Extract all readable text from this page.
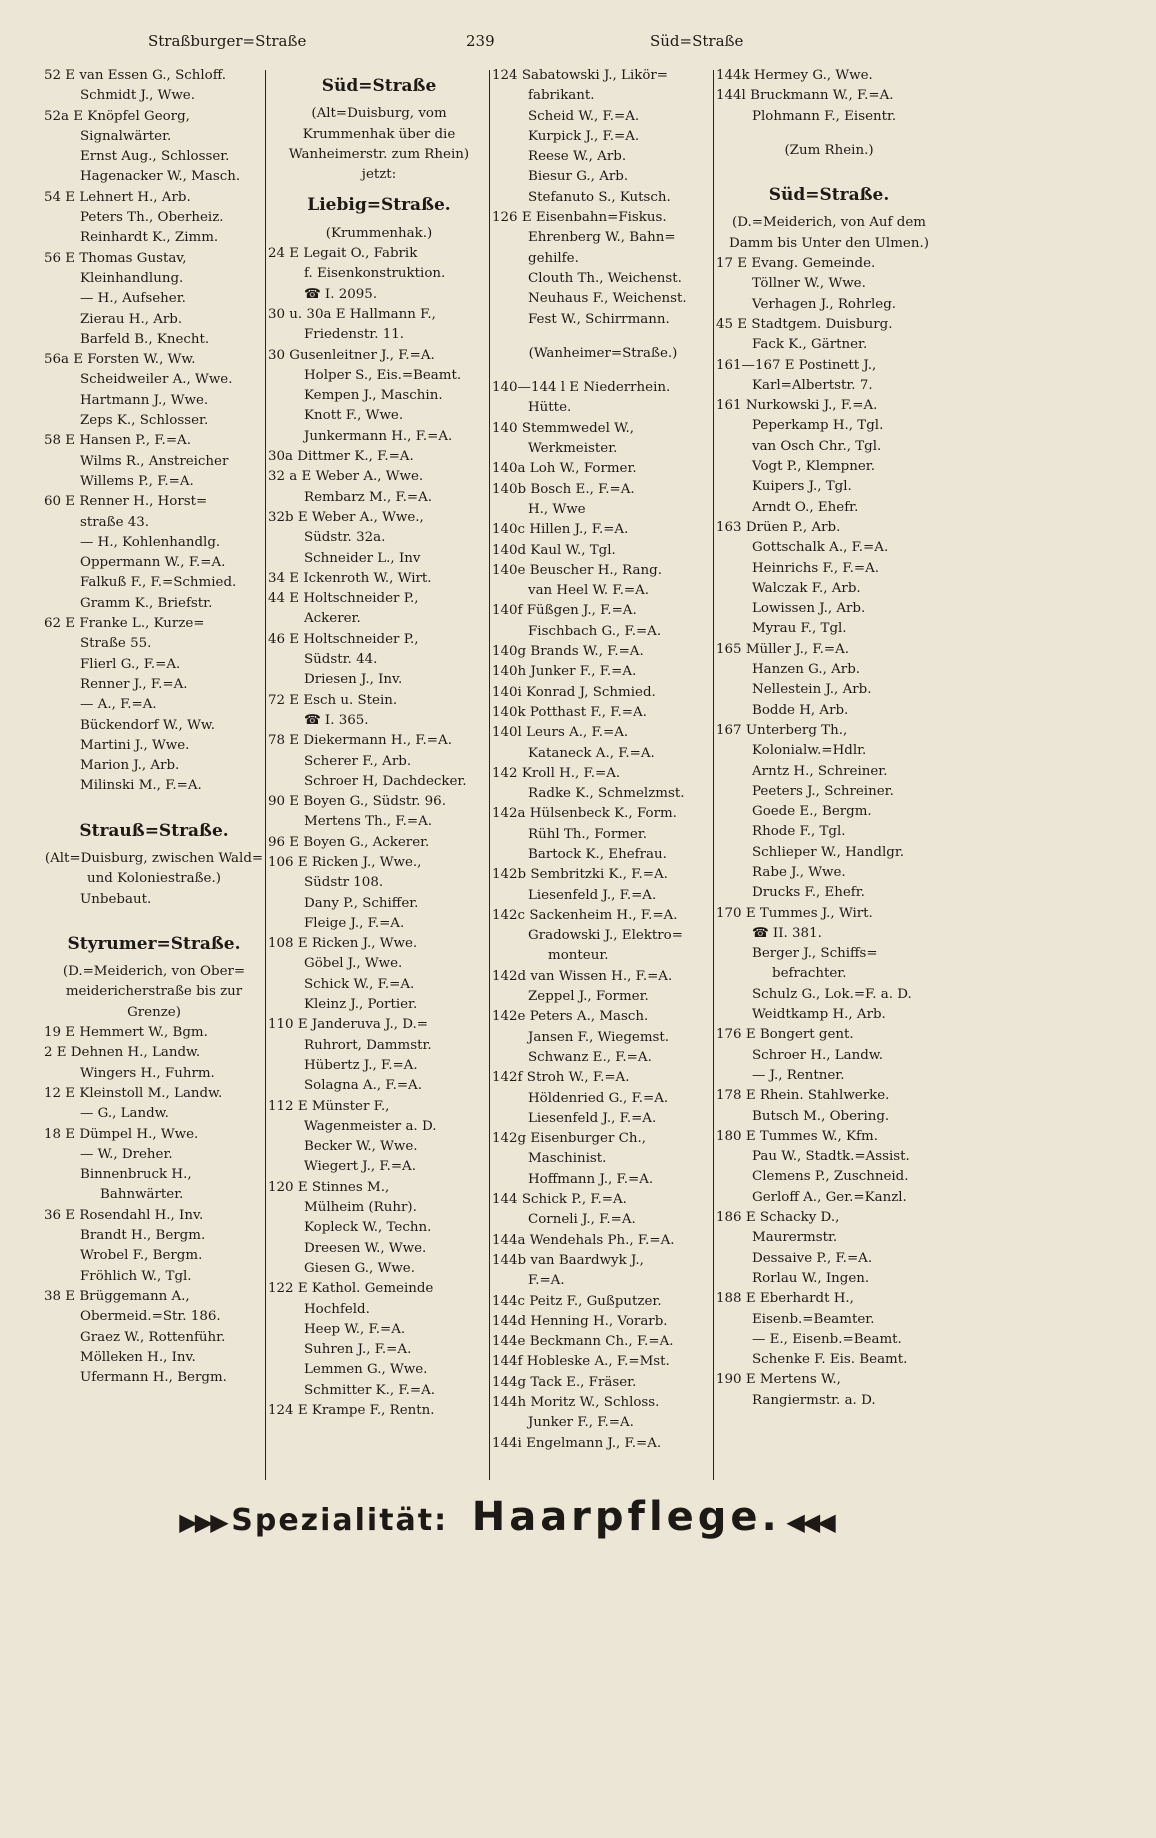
Straßburger=Straße	239	Süd=Straße
52 E van Essen G., Schloff.
Schmidt J., Wwe.
52a E Knöpfel Georg,
Signalwärter.
Ernst Aug., Schlosser.
Hagenacker W., Masch.
54 E Lehnert H., Arb.
Peters Th., Oberheiz.
Reinhardt K., Zimm.
56 E Thomas Gustav,
Kleinhandlung.
— H., Aufseher.
Zierau H., Arb.
Barfeld B., Knecht.
56a E Forsten W., Ww.
Scheidweiler A., Wwe.
Hartmann J., Wwe.
Zeps K., Schlosser.
58 E Hansen P., F.=A.
Wilms R., Anstreicher
Willems P., F.=A.
60 E Renner H., Horst=
straße 43.
— H., Kohlenhandlg.
Oppermann W., F.=A.
Falkuß F., F.=Schmied.
Gramm K., Briefstr.
62 E Franke L., Kurze=
Straße 55.
Flierl G., F.=A.
Renner J., F.=A.
— A., F.=A.
Bückendorf W., Ww.
Martini J., Wwe.
Marion J., Arb.
Milinski M., F.=A.
Strauß=Straße.
(Alt=Duisburg, zwischen Wald= und Koloniestraße.)
Unbebaut.
Styrumer=Straße.
(D.=Meiderich, von Ober= meidericherstraße bis zur Grenze)
19 E Hemmert W., Bgm.
2 E Dehnen H., Landw.
Wingers H., Fuhrm.
12 E Kleinstoll M., Landw.
— G., Landw.
18 E Dümpel H., Wwe.
— W., Dreher.
Binnenbruck H.,
Bahnwärter.
36 E Rosendahl H., Inv.
Brandt H., Bergm.
Wrobel F., Bergm.
Fröhlich W., Tgl.
38 E Brüggemann A.,
Obermeid.=Str. 186.
Graez W., Rottenführ.
Mölleken H., Inv.
Ufermann H., Bergm.
Süd=Straße
(Alt=Duisburg, vom Krummenhak über die Wanheimerstr. zum Rhein)
jetzt:
Liebig=Straße.
(Krummenhak.)
24 E Legait O., Fabrik
f. Eisenkonstruktion.
☎ I. 2095.
30 u. 30a E Hallmann F.,
Friedenstr. 11.
30 Gusenleitner J., F.=A.
Holper S., Eis.=Beamt.
Kempen J., Maschin.
Knott F., Wwe.
Junkermann H., F.=A.
30a Dittmer K., F.=A.
32 a E Weber A., Wwe.
Rembarz M., F.=A.
32b E Weber A., Wwe.,
Südstr. 32a.
Schneider L., Inv
34 E Ickenroth W., Wirt.
44 E Holtschneider P.,
Ackerer.
46 E Holtschneider P.,
Südstr. 44.
Driesen J., Inv.
72 E Esch u. Stein.
☎ I. 365.
78 E Diekermann H., F.=A.
Scherer F., Arb.
Schroer H, Dachdecker.
90 E Boyen G., Südstr. 96.
Mertens Th., F.=A.
96 E Boyen G., Ackerer.
106 E Ricken J., Wwe.,
Südstr 108.
Dany P., Schiffer.
Fleige J., F.=A.
108 E Ricken J., Wwe.
Göbel J., Wwe.
Schick W., F.=A.
Kleinz J., Portier.
110 E Janderuva J., D.=
Ruhrort, Dammstr.
Hübertz J., F.=A.
Solagna A., F.=A.
112 E Münster F.,
Wagenmeister a. D.
Becker W., Wwe.
Wiegert J., F.=A.
120 E Stinnes M.,
Mülheim (Ruhr).
Kopleck W., Techn.
Dreesen W., Wwe.
Giesen G., Wwe.
122 E Kathol. Gemeinde
Hochfeld.
Heep W., F.=A.
Suhren J., F.=A.
Lemmen G., Wwe.
Schmitter K., F.=A.
124 E Krampe F., Rentn.
124 Sabatowski J., Likör=
fabrikant.
Scheid W., F.=A.
Kurpick J., F.=A.
Reese W., Arb.
Biesur G., Arb.
Stefanuto S., Kutsch.
126 E Eisenbahn=Fiskus.
Ehrenberg W., Bahn=
gehilfe.
Clouth Th., Weichenst.
Neuhaus F., Weichenst.
Fest W., Schirrmann.
(Wanheimer=Straße.)
140—144 l E Niederrhein.
Hütte.
140 Stemmwedel W.,
Werkmeister.
140a Loh W., Former.
140b Bosch E., F.=A.
H., Wwe
140c Hillen J., F.=A.
140d Kaul W., Tgl.
140e Beuscher H., Rang.
van Heel W. F.=A.
140f Füßgen J., F.=A.
Fischbach G., F.=A.
140g Brands W., F.=A.
140h Junker F., F.=A.
140i Konrad J, Schmied.
140k Potthast F., F.=A.
140l Leurs A., F.=A.
Kataneck A., F.=A.
142 Kroll H., F.=A.
Radke K., Schmelzmst.
142a Hülsenbeck K., Form.
Rühl Th., Former.
Bartock K., Ehefrau.
142b Sembritzki K., F.=A.
Liesenfeld J., F.=A.
142c Sackenheim H., F.=A.
Gradowski J., Elektro=
monteur.
142d van Wissen H., F.=A.
Zeppel J., Former.
142e Peters A., Masch.
Jansen F., Wiegemst.
Schwanz E., F.=A.
142f Stroh W., F.=A.
Höldenried G., F.=A.
Liesenfeld J., F.=A.
142g Eisenburger Ch.,
Maschinist.
Hoffmann J., F.=A.
144 Schick P., F.=A.
Corneli J., F.=A.
144a Wendehals Ph., F.=A.
144b van Baardwyk J.,
F.=A.
144c Peitz F., Gußputzer.
144d Henning H., Vorarb.
144e Beckmann Ch., F.=A.
144f Hobleske A., F.=Mst.
144g Tack E., Fräser.
144h Moritz W., Schloss.
Junker F., F.=A.
144i Engelmann J., F.=A.
144k Hermey G., Wwe.
144l Bruckmann W., F.=A.
Plohmann F., Eisentr.
(Zum Rhein.)
Süd=Straße.
(D.=Meiderich, von Auf dem Damm bis Unter den Ulmen.)
17 E Evang. Gemeinde.
Töllner W., Wwe.
Verhagen J., Rohrleg.
45 E Stadtgem. Duisburg.
Fack K., Gärtner.
161—167 E Postinett J.,
Karl=Albertstr. 7.
161 Nurkowski J., F.=A.
Peperkamp H., Tgl.
van Osch Chr., Tgl.
Vogt P., Klempner.
Kuipers J., Tgl.
Arndt O., Ehefr.
163 Drüen P., Arb.
Gottschalk A., F.=A.
Heinrichs F., F.=A.
Walczak F., Arb.
Lowissen J., Arb.
Myrau F., Tgl.
165 Müller J., F.=A.
Hanzen G., Arb.
Nellestein J., Arb.
Bodde H, Arb.
167 Unterberg Th.,
Kolonialw.=Hdlr.
Arntz H., Schreiner.
Peeters J., Schreiner.
Goede E., Bergm.
Rhode F., Tgl.
Schlieper W., Handlgr.
Rabe J., Wwe.
Drucks F., Ehefr.
170 E Tummes J., Wirt.
☎ II. 381.
Berger J., Schiffs=
befrachter.
Schulz G., Lok.=F. a. D.
Weidtkamp H., Arb.
176 E Bongert gent.
Schroer H., Landw.
— J., Rentner.
178 E Rhein. Stahlwerke.
Butsch M., Obering.
180 E Tummes W., Kfm.
Pau W., Stadtk.=Assist.
Clemens P., Zuschneid.
Gerloff A., Ger.=Kanzl.
186 E Schacky D.,
Maurermstr.
Dessaive P., F.=A.
Rorlau W., Ingen.
188 E Eberhardt H.,
Eisenb.=Beamter.
— E., Eisenb.=Beamt.
Schenke F. Eis. Beamt.
190 E Mertens W.,
Rangiermstr. a. D.
▶▶▶ Spezialität: Haarpflege. ◀◀◀
